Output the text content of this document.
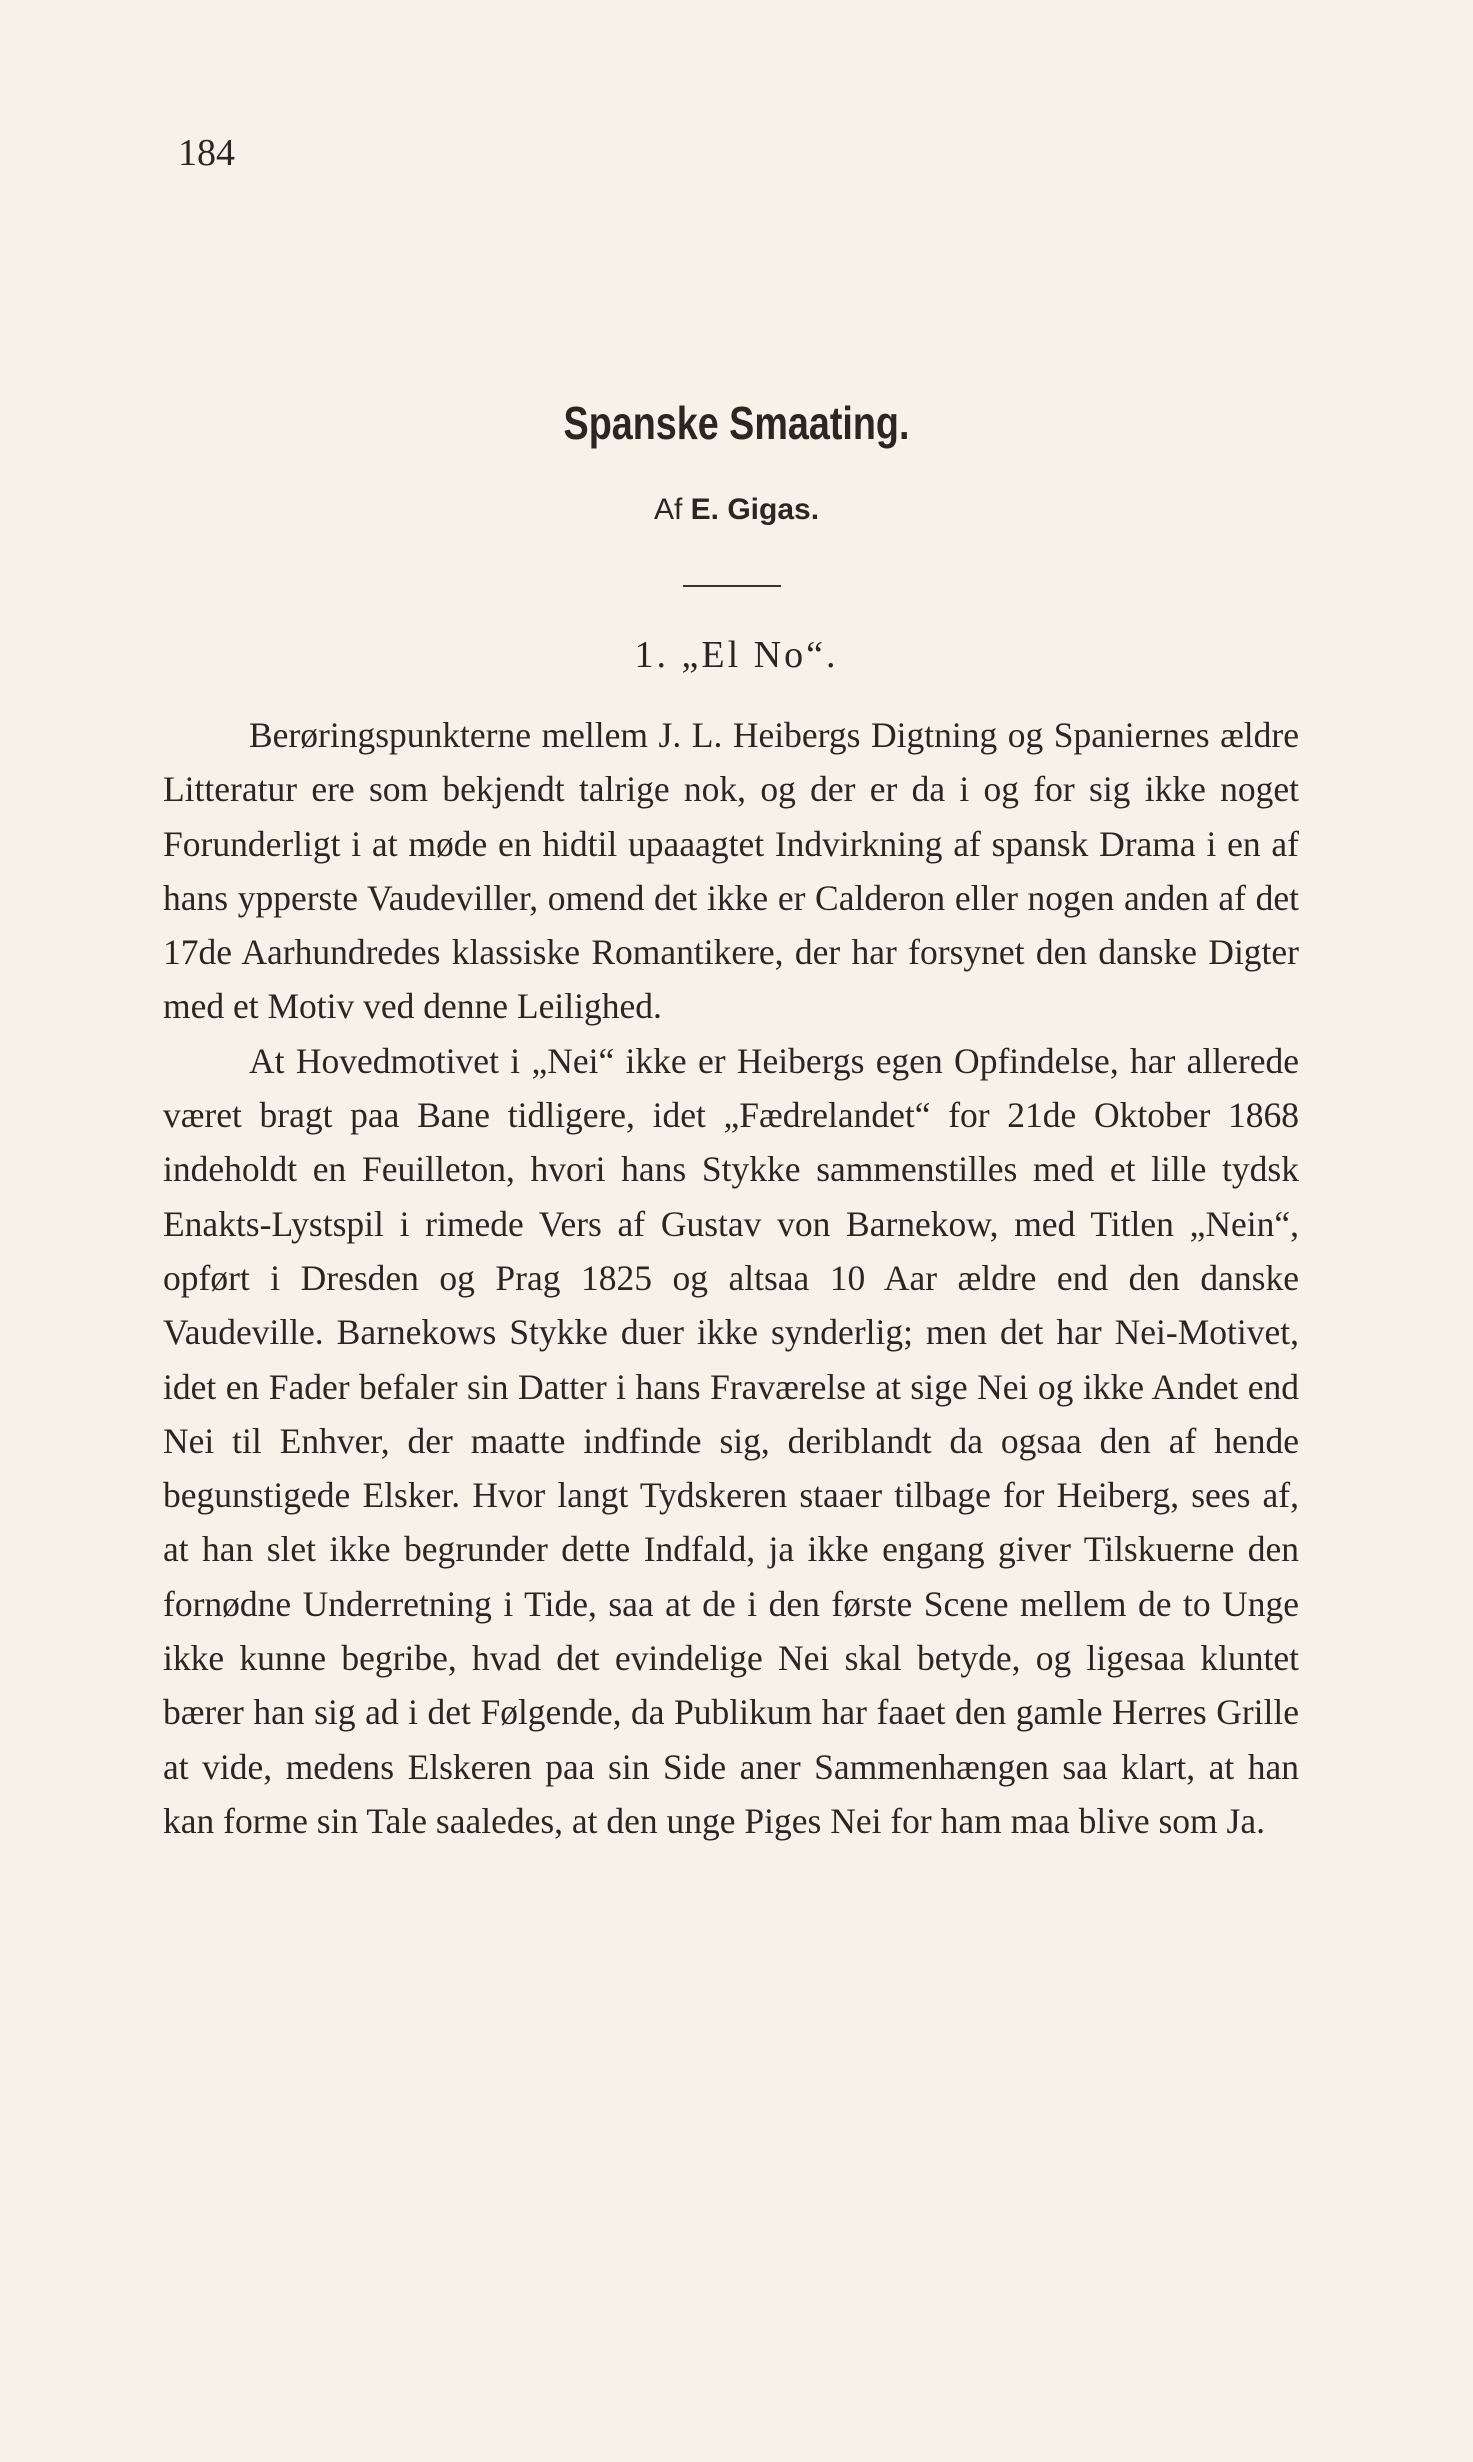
184
Spanske Smaating.
Af E. Gigas.
1. „El No“.

Berøringspunkterne mellem J. L. Heibergs Digtning og Spaniernes ældre Litteratur ere som bekjendt talrige nok, og der er da i og for sig ikke noget Forunderligt i at møde en hidtil upaaagtet Indvirkning af spansk Drama i en af hans ypperste Vaudeviller, omend det ikke er Calderon eller nogen anden af det 17de Aarhundredes klassiske Romantikere, der har forsynet den danske Digter med et Motiv ved denne Leilighed.

At Hovedmotivet i „Nei“ ikke er Heibergs egen Opfindelse, har allerede været bragt paa Bane tidligere, idet „Fædrelandet“ for 21de Oktober 1868 indeholdt en Feuilleton, hvori hans Stykke sammenstilles med et lille tydsk Enakts-Lystspil i rimede Vers af Gustav von Barnekow, med Titlen „Nein“, opført i Dresden og Prag 1825 og altsaa 10 Aar ældre end den danske Vaudeville. Barnekows Stykke duer ikke synderlig; men det har Nei-Motivet, idet en Fader befaler sin Datter i hans Fraværelse at sige Nei og ikke Andet end Nei til Enhver, der maatte indfinde sig, deriblandt da ogsaa den af hende begunstigede Elsker. Hvor langt Tydskeren staaer tilbage for Heiberg, sees af, at han slet ikke begrunder dette Indfald, ja ikke engang giver Tilskuerne den fornødne Underretning i Tide, saa at de i den første Scene mellem de to Unge ikke kunne begribe, hvad det evindelige Nei skal betyde, og ligesaa kluntet bærer han sig ad i det Følgende, da Publikum har faaet den gamle Herres Grille at vide, medens Elskeren paa sin Side aner Sammenhængen saa klart, at han kan forme sin Tale saaledes, at den unge Piges Nei for ham maa blive som Ja.
